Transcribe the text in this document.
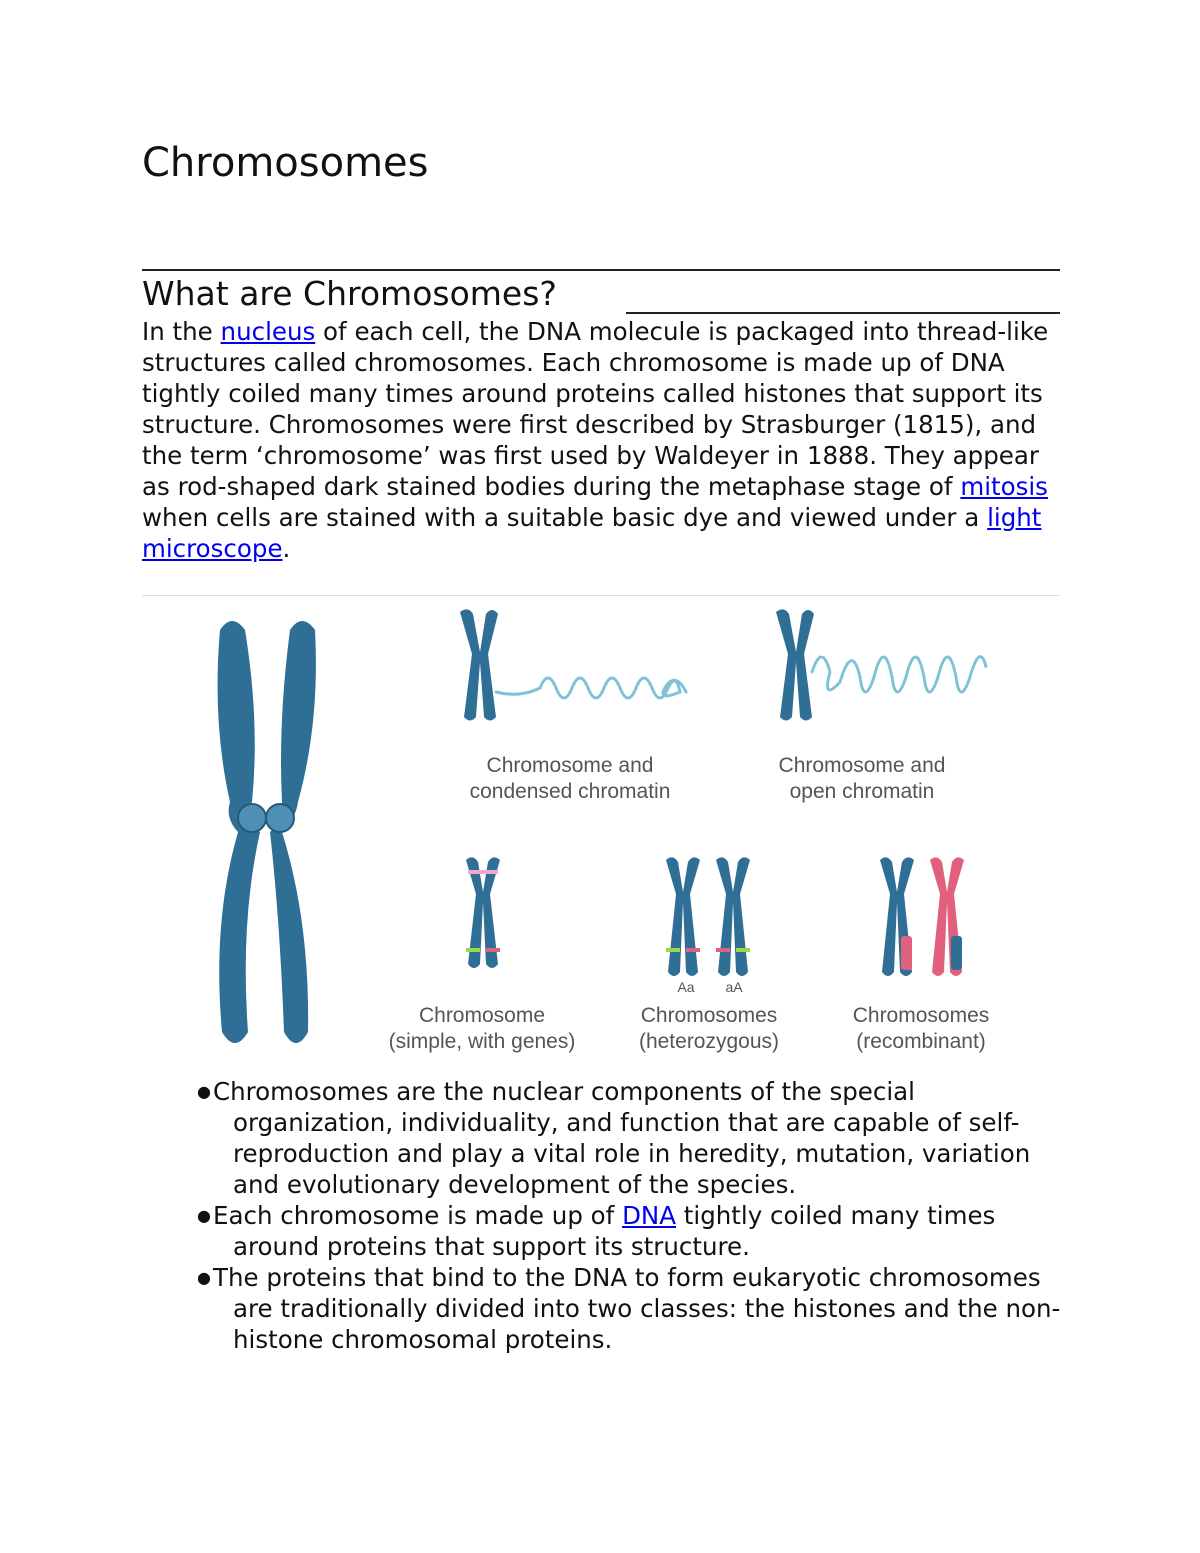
Chromosomes
What are Chromosomes?

In the nucleus of each cell, the DNA molecule is packaged into thread-like structures called chromosomes. Each chromosome is made up of DNA tightly coiled many times around proteins called histones that support its structure. Chromosomes were first described by Strasburger (1815), and the term ‘chromosome’ was first used by Waldeyer in 1888. They appear as rod-shaped dark stained bodies during the metaphase stage of mitosis when cells are stained with a suitable basic dye and viewed under a light microscope.

Chromosome and
condensed chromatin
Chromosome and
open chromatin
Chromosome
(simple, with genes)
Aa aA
Chromosomes
(heterozygous)
Chromosomes
(recombinant)
● Chromosomes are the nuclear components of the special organization, individuality, and function that are capable of self-reproduction and play a vital role in heredity, mutation, variation and evolutionary development of the species.
● Each chromosome is made up of DNA tightly coiled many times around proteins that support its structure.
● The proteins that bind to the DNA to form eukaryotic chromosomes are traditionally divided into two classes: the histones and the non-histone chromosomal proteins.
